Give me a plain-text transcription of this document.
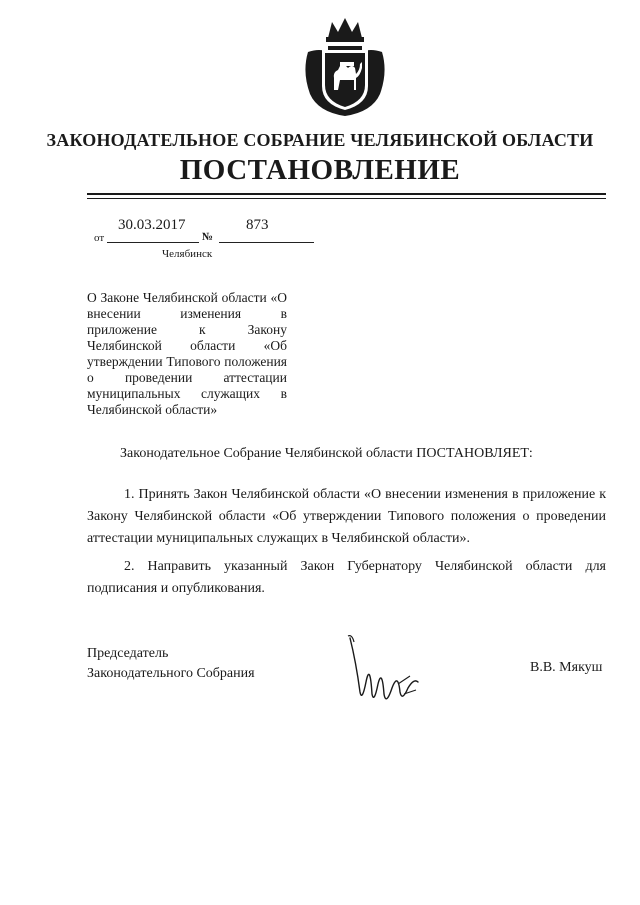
ЗАКОНОДАТЕЛЬНОЕ СОБРАНИЕ ЧЕЛЯБИНСКОЙ ОБЛАСТИ
ПОСТАНОВЛЕНИЕ
30.03.2017	873
от	№
Челябинск
О Законе Челябинской области «О внесении изменения в приложение к Закону Челябинской области «Об утверждении Типового положения о проведении аттестации муниципальных служащих в Челябинской области»
Законодательное Собрание Челябинской области ПОСТАНОВЛЯЕТ:
1. Принять Закон Челябинской области «О внесении изменения в приложение к Закону Челябинской области «Об утверждении Типового положения о проведении аттестации муниципальных служащих в Челябинской области».
2. Направить указанный Закон Губернатору Челябинской области для подписания и опубликования.
Председатель
Законодательного Собрания	В.В. Мякуш
